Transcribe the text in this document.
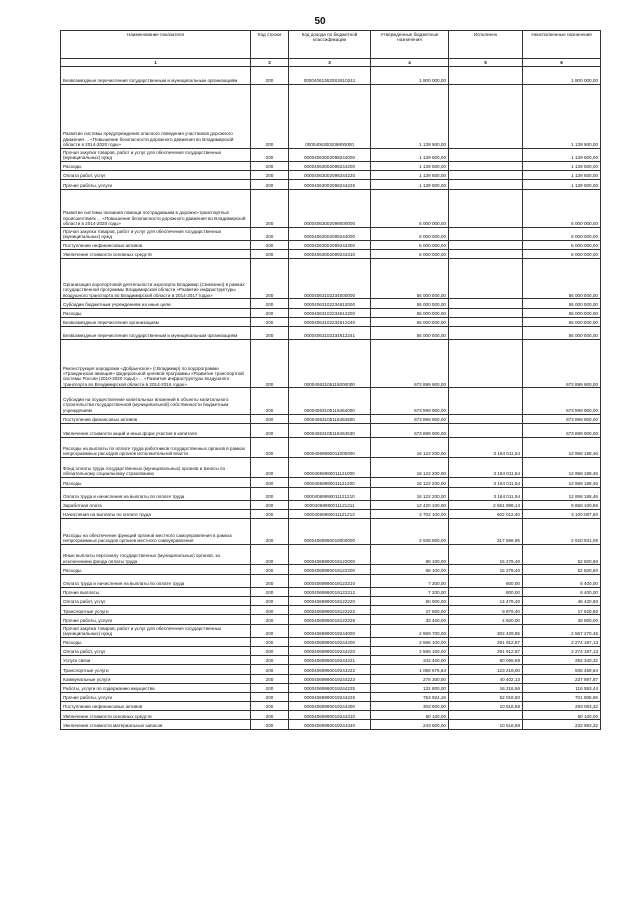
50
Наименование показателя	Код строки	Код дохода по бюджетной классификации	Утвержденные бюджетные назначения	Исполнено	Неисполненные назначения
1	2	3	4	5	6
Безвозмездные перечисления государственным и муниципальным организациям	200	000040613620S2610241	1 800 000,00		1 800 000,00
Развитие системы предупреждения опасного поведения участников дорожного движения ... «Повышение безопасности дорожного движения во Владимирской области в 2014-2020 годы»	200	0000406300209800000	1 139 500,00		1 139 500,00
Прочая закупка товаров, работ и услуг для обеспечения государственных (муниципальных) нужд	200	00004063002098244000	1 139 500,00		1 139 500,00
Расходы	200	00004063002098244200	1 139 500,00		1 139 500,00
Оплата работ, услуг	200	00004063002098244220	1 139 500,00		1 139 500,00
Прочие работы, услуги	200	00004063002098244226	1 139 500,00		1 139 500,00
Развитие системы оказания помощи пострадавшим в дорожно-транспортных происшествиях ... «Повышение безопасности дорожного движения во Владимирской области в 2014-2020 годы»	200	00004063002099000000	6 000 000,00		6 000 000,00
Прочая закупка товаров, работ и услуг для обеспечения государственных (муниципальных) нужд	200	00004063002099244000	6 000 000,00		6 000 000,00
Поступление нефинансовых активов	200	00004063002099244300	6 000 000,00		6 000 000,00
Увеличение стоимости основных средств	200	00004063002099244310	6 000 000,00		6 000 000,00
Организация аэропортовой деятельности аэропорта Владимир (Семязино) в рамках государственной программы Владимирской области «Развитие инфраструктуры воздушного транспорта во Владимирской области в 2014-2017 годах»	200	00004063102234000000	55 000 000,00		55 000 000,00
Субсидии бюджетным учреждениям на иные цели	200	00004063102234612000	55 000 000,00		55 000 000,00
Расходы	200	00004063102234612200	55 000 000,00		55 000 000,00
Безвозмездные перечисления организациям	200	00004063102234612240	55 000 000,00		55 000 000,00
Безвозмездные перечисления государственным и муниципальным организациям	200	00004063102234612241	55 000 000,00		55 000 000,00
Реконструкция аэродрома «Добрынское» (г.Владимир) по подпрограмме «Гражданская авиация» федеральной целевой программы «Развитие транспортной системы России (2010-2020 годы)» ... «Развитие инфраструктуры воздушного транспорта во Владимирской области в 2014-2016 годах»	200	00004063105116000000	673 899 900,00		673 899 900,00
Субсидии на осуществление капитальных вложений в объекты капитального строительства государственной (муниципальной) собственности бюджетным учреждениям	200	00004063105116464000	673 899 900,00		673 899 900,00
Поступление финансовых активов	200	00004063105116464500	673 899 900,00		673 899 900,00
Увеличение стоимости акций и иных форм участия в капитале	200	00004063105116464530	673 899 900,00		673 899 900,00
Расходы на выплаты по оплате труда работников государственных органов в рамках непрограммных расходов органов исполнительной власти	200	00004069990011000000	16 122 200,00	3 164 011,54	12 958 188,46
Фонд оплаты труда государственных (муниципальных) органов и взносы по обязательному социальному страхованию	200	00004069990011121000	16 122 200,00	3 164 011,54	12 958 188,46
Расходы	200	00004069990011121200	16 122 200,00	3 164 011,54	12 958 188,46
Оплата труда и начисления на выплаты по оплате труда	200	00004069990011121210	16 122 200,00	3 164 011,54	12 958 188,46
Заработная плата	200	00004069990011121211	12 420 100,00	2 561 999,14	9 858 100,86
Начисления на выплаты по оплате труда	200	00004069990011121213	3 702 100,00	602 012,40	3 100 087,60
Расходы на обеспечение функций органов местного самоуправления в рамках непрограммных расходов органов местного самоуправления	200	00004069990019000000	2 938 800,00	317 868,95	2 620 931,05
Иные выплаты персоналу государственных (муниципальных) органов, за исключением фонда оплаты труда	200	00004069990019122000	68 100,00	15 279,40	52 820,60
Расходы	200	00004069990019122200	68 100,00	15 279,40	52 820,60
Оплата труда и начисления на выплаты по оплате труда	200	00004069990019122210	7 200,00	800,00	6 400,00
Прочие выплаты	200	00004069990019122212	7 200,00	800,00	6 400,00
Оплата работ, услуг	200	00004069990019122220	60 900,00	14 479,40	46 420,60
Транспортные услуги	200	00004069990019122222	27 500,00	9 879,40	17 620,60
Прочие работы, услуги	200	00004069990019122226	33 400,00	4 600,00	28 800,00
Прочая закупка товаров, работ и услуг для обеспечения государственных (муниципальных) нужд	200	00004069990019244000	2 869 700,00	302 429,55	2 567 270,45
Расходы	200	00004069990019244200	2 566 100,00	291 912,87	2 274 187,13
Оплата работ, услуг	200	00004069990019244220	2 566 100,00	291 912,87	2 274 187,13
Услуги связи	200	00004069990019244221	342 400,00	60 059,68	282 340,32
Транспортные услуги	200	00004069990019244222	1 058 675,64	123 216,00	935 459,64
Коммунальные услуги	200	00004069990019244223	278 300,00	40 402,13	237 897,87
Работы, услуги по содержанию имущества	200	00004069990019244225	132 800,00	16 216,56	116 583,44
Прочие работы, услуги	200	00004069990019244226	753 924,16	52 018,50	701 905,66
Поступление нефинансовых активов	200	00004069990019244300	303 600,00	10 516,68	293 083,32
Увеличение стоимости основных средств	200	00004069990019244310	60 100,00		60 100,00
Увеличение стоимости материальных запасов	200	00004069990019244340	243 500,00	10 516,68	232 983,32
